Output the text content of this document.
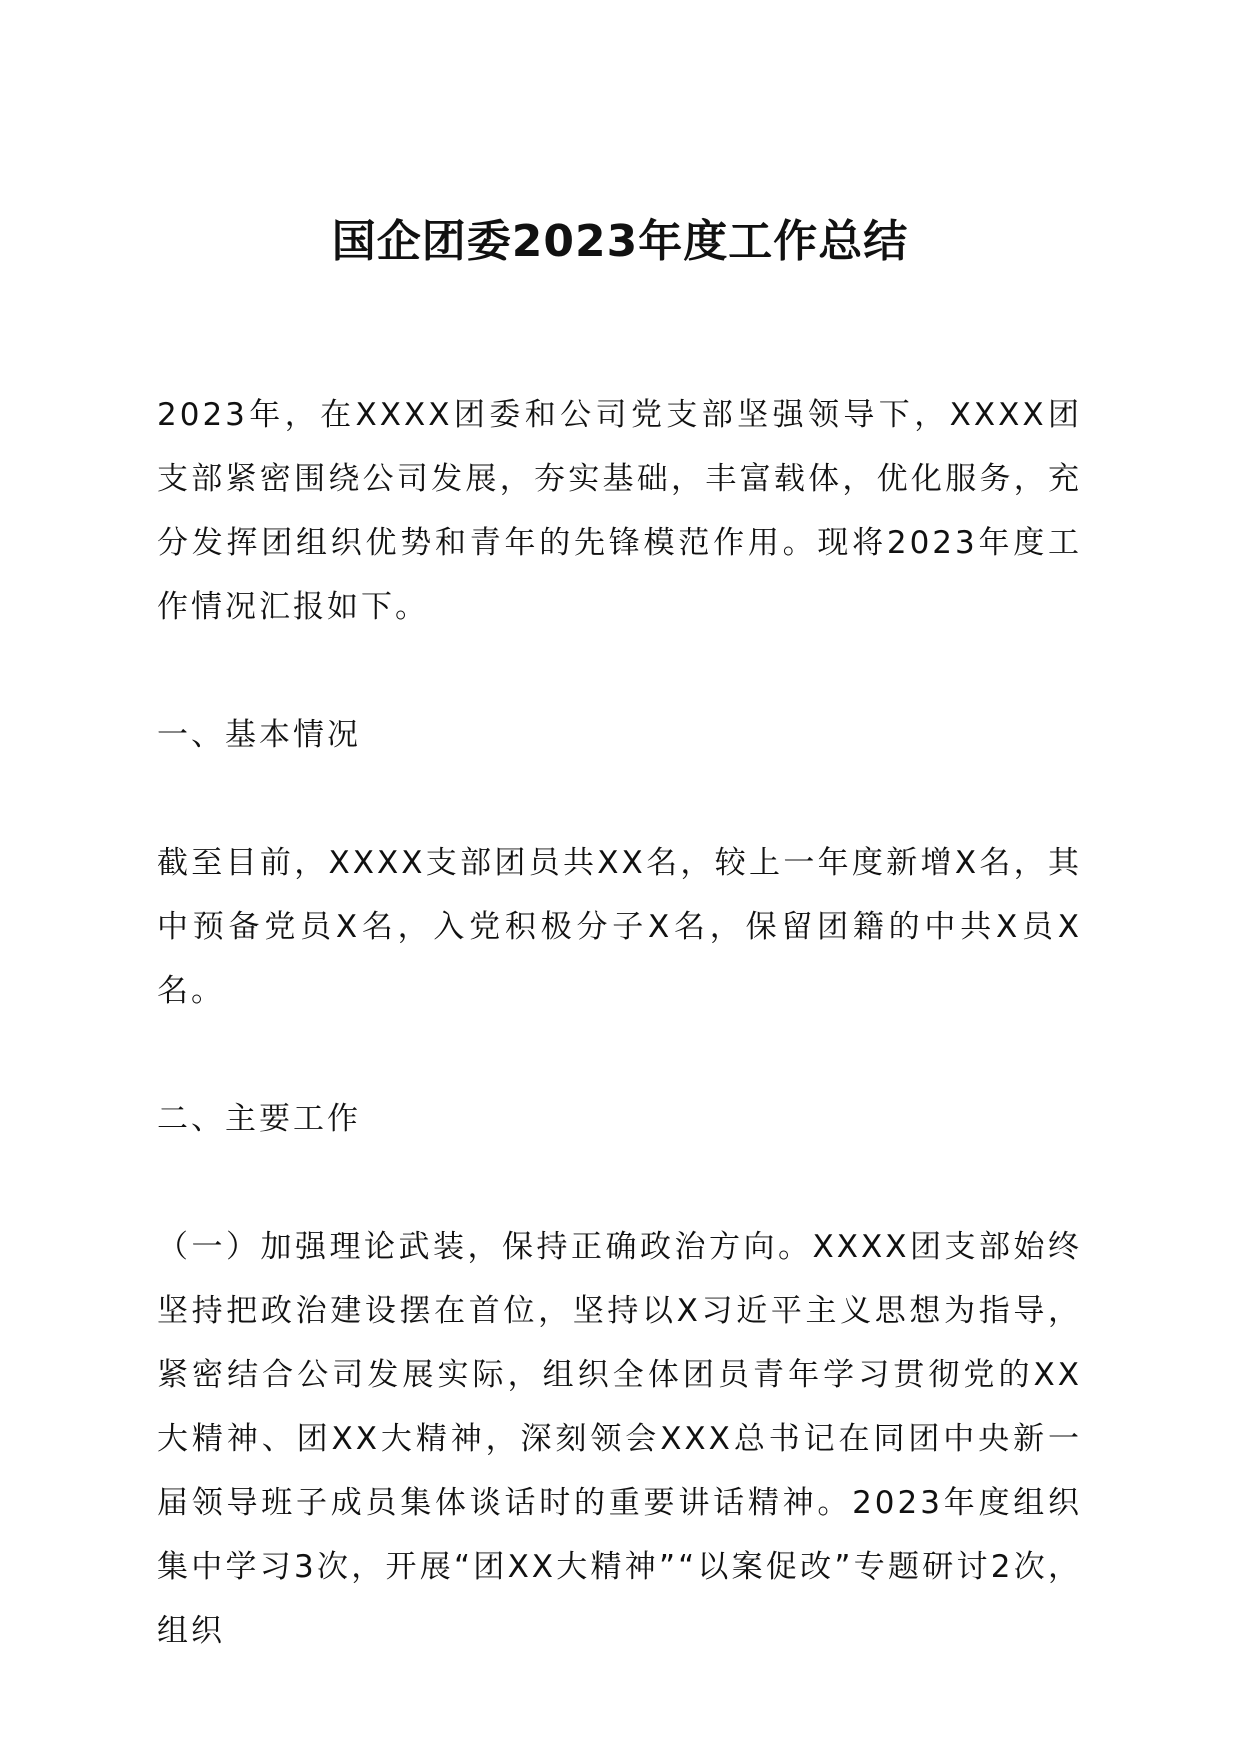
国企团委2023年度工作总结

2023年，在XXXX团委和公司党支部坚强领导下，XXXX团支部紧密围绕公司发展，夯实基础，丰富载体，优化服务，充分发挥团组织优势和青年的先锋模范作用。现将2023年度工作情况汇报如下。

一、基本情况

截至目前，XXXX支部团员共XX名，较上一年度新增X名，其中预备党员X名，入党积极分子X名，保留团籍的中共X员X名。

二、主要工作

（一）加强理论武装，保持正确政治方向。XXXX团支部始终坚持把政治建设摆在首位，坚持以X习近平主义思想为指导，紧密结合公司发展实际，组织全体团员青年学习贯彻党的XX大精神、团XX大精神，深刻领会XXX总书记在同团中央新一届领导班子成员集体谈话时的重要讲话精神。2023年度组织集中学习3次，开展“团XX大精神”“以案促改”专题研讨2次，组织
